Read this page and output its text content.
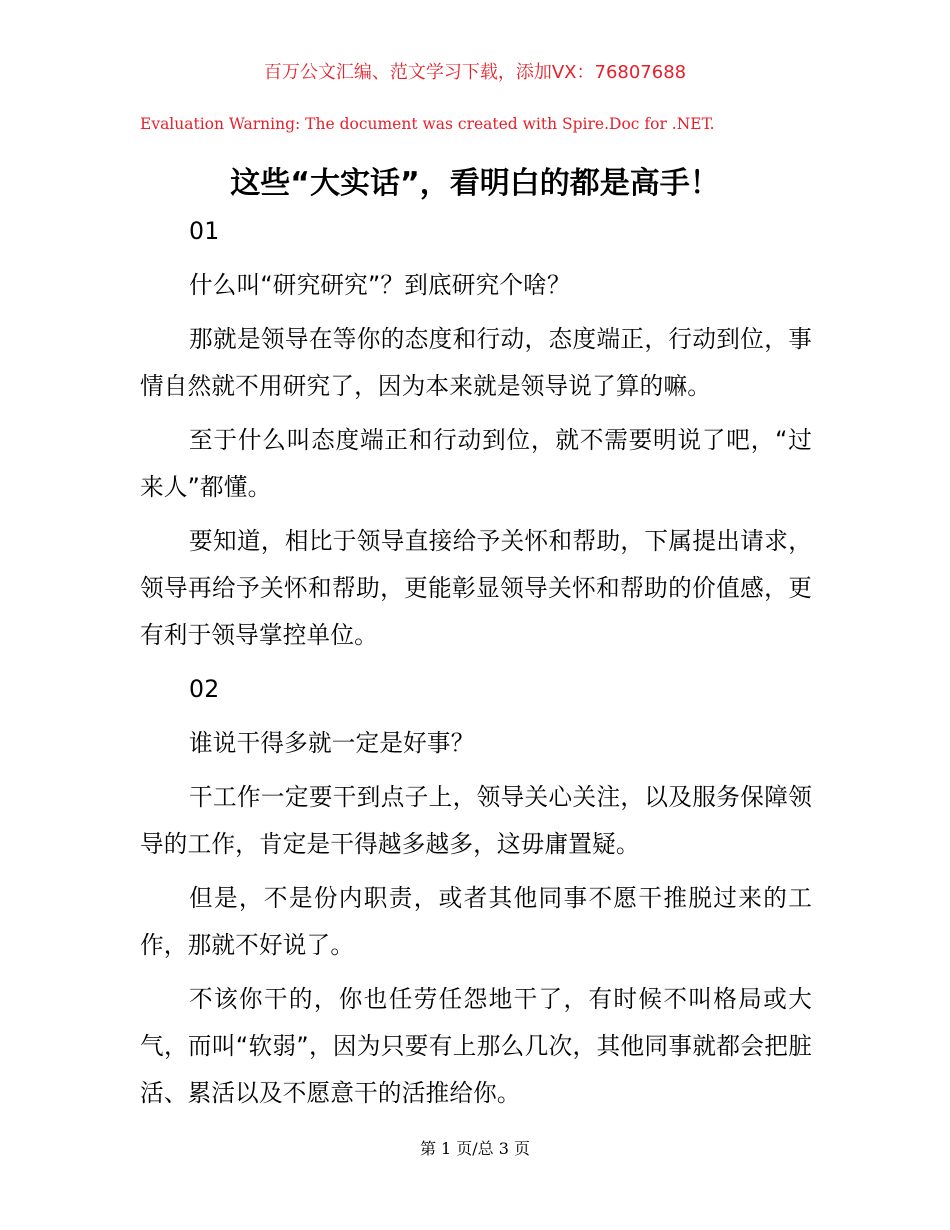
百万公文汇编、范文学习下载，添加VX：76807688
Evaluation Warning: The document was created with Spire.Doc for .NET.
这些“大实话”，看明白的都是高手！

01

什么叫“研究研究”？到底研究个啥？

那就是领导在等你的态度和行动，态度端正，行动到位，事情自然就不用研究了，因为本来就是领导说了算的嘛。

至于什么叫态度端正和行动到位，就不需要明说了吧，“过来人”都懂。

要知道，相比于领导直接给予关怀和帮助，下属提出请求，领导再给予关怀和帮助，更能彰显领导关怀和帮助的价值感，更有利于领导掌控单位。

02

谁说干得多就一定是好事？

干工作一定要干到点子上，领导关心关注，以及服务保障领导的工作，肯定是干得越多越多，这毋庸置疑。

但是，不是份内职责，或者其他同事不愿干推脱过来的工作，那就不好说了。

不该你干的，你也任劳任怨地干了，有时候不叫格局或大气，而叫“软弱”，因为只要有上那么几次，其他同事就都会把脏活、累活以及不愿意干的活推给你。

第 1 页/总 3 页
